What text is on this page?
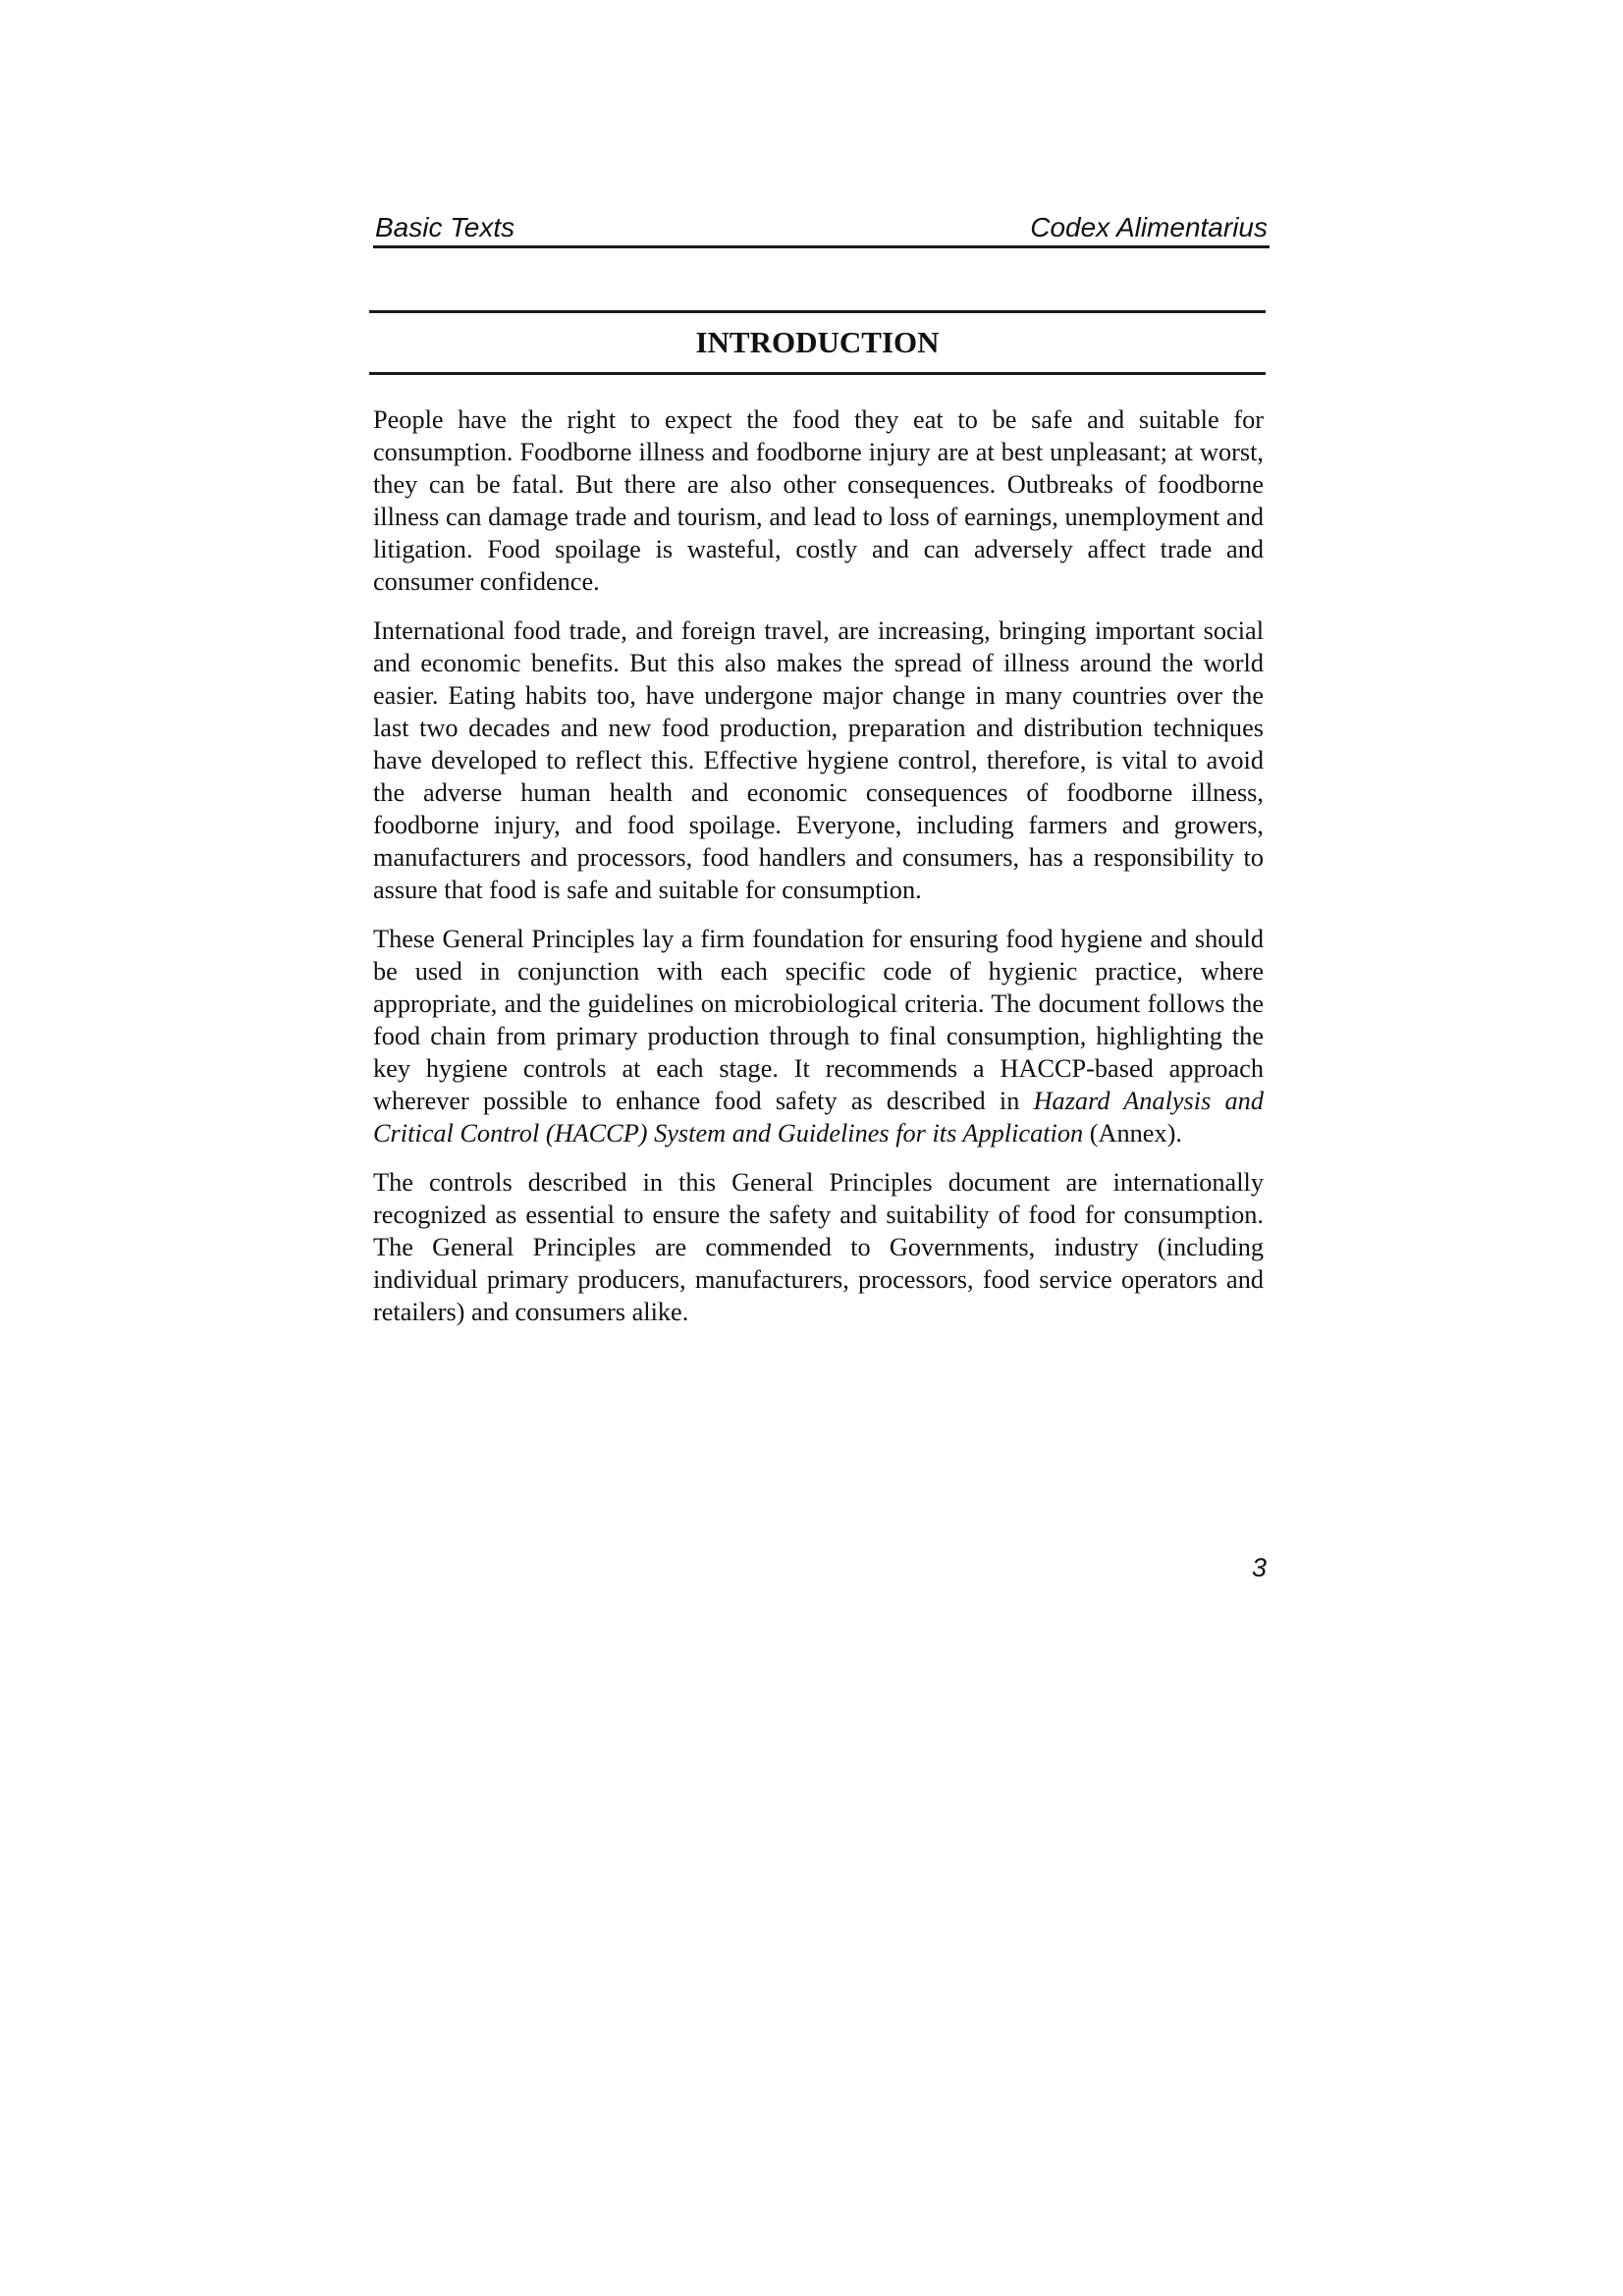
Basic Texts	Codex Alimentarius
INTRODUCTION

People have the right to expect the food they eat to be safe and suitable for consumption. Foodborne illness and foodborne injury are at best unpleasant; at worst, they can be fatal. But there are also other consequences. Outbreaks of foodborne illness can damage trade and tourism, and lead to loss of earnings, unemployment and litigation. Food spoilage is wasteful, costly and can adversely affect trade and consumer confidence.

International food trade, and foreign travel, are increasing, bringing important social and economic benefits. But this also makes the spread of illness around the world easier. Eating habits too, have undergone major change in many countries over the last two decades and new food production, preparation and distribution techniques have developed to reflect this. Effective hygiene control, therefore, is vital to avoid the adverse human health and economic consequences of foodborne illness, foodborne injury, and food spoilage. Everyone, including farmers and growers, manufacturers and processors, food handlers and consumers, has a responsibility to assure that food is safe and suitable for consumption.

These General Principles lay a firm foundation for ensuring food hygiene and should be used in conjunction with each specific code of hygienic practice, where appropriate, and the guidelines on microbiological criteria. The document follows the food chain from primary production through to final consumption, highlighting the key hygiene controls at each stage. It recommends a HACCP-based approach wherever possible to enhance food safety as described in Hazard Analysis and Critical Control (HACCP) System and Guidelines for its Application (Annex).

The controls described in this General Principles document are internationally recognized as essential to ensure the safety and suitability of food for consumption. The General Principles are commended to Governments, industry (including individual primary producers, manufacturers, processors, food service operators and retailers) and consumers alike.

3
